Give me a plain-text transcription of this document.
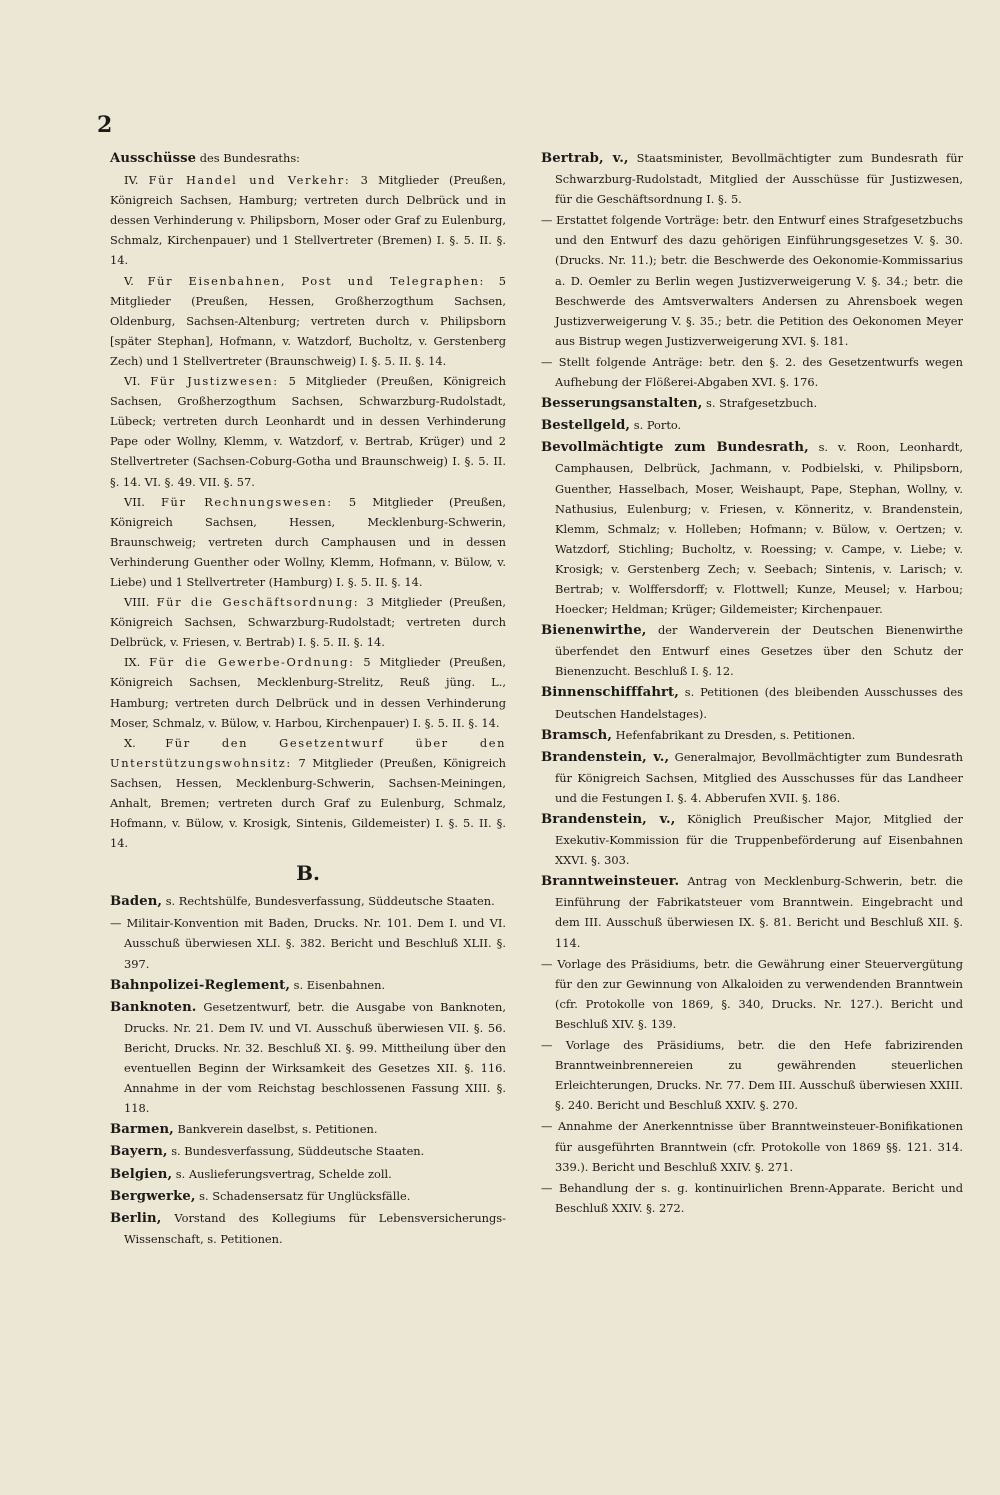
2

Ausschüsse des Bundesraths:

IV. Für Handel und Verkehr: 3 Mitglieder (Preußen, Königreich Sachsen, Hamburg; vertreten durch Delbrück und in dessen Verhinderung v. Philipsborn, Moser oder Graf zu Eulenburg, Schmalz, Kirchenpauer) und 1 Stellvertreter (Bremen) I. §. 5. II. §. 14.

V. Für Eisenbahnen, Post und Telegraphen: 5 Mitglieder (Preußen, Hessen, Großherzogthum Sachsen, Oldenburg, Sachsen-Altenburg; vertreten durch v. Philipsborn [später Stephan], Hofmann, v. Watzdorf, Bucholtz, v. Gerstenberg Zech) und 1 Stellvertreter (Braunschweig) I. §. 5. II. §. 14.

VI. Für Justizwesen: 5 Mitglieder (Preußen, Königreich Sachsen, Großherzogthum Sachsen, Schwarzburg-Rudolstadt, Lübeck; vertreten durch Leonhardt und in dessen Verhinderung Pape oder Wollny, Klemm, v. Watzdorf, v. Bertrab, Krüger) und 2 Stellvertreter (Sachsen-Coburg-Gotha und Braunschweig) I. §. 5. II. §. 14. VI. §. 49. VII. §. 57.

VII. Für Rechnungswesen: 5 Mitglieder (Preußen, Königreich Sachsen, Hessen, Mecklenburg-Schwerin, Braunschweig; vertreten durch Camphausen und in dessen Verhinderung Guenther oder Wollny, Klemm, Hofmann, v. Bülow, v. Liebe) und 1 Stellvertreter (Hamburg) I. §. 5. II. §. 14.

VIII. Für die Geschäftsordnung: 3 Mitglieder (Preußen, Königreich Sachsen, Schwarzburg-Rudolstadt; vertreten durch Delbrück, v. Friesen, v. Bertrab) I. §. 5. II. §. 14.

IX. Für die Gewerbe-Ordnung: 5 Mitglieder (Preußen, Königreich Sachsen, Mecklenburg-Strelitz, Reuß jüng. L., Hamburg; vertreten durch Delbrück und in dessen Verhinderung Moser, Schmalz, v. Bülow, v. Harbou, Kirchenpauer) I. §. 5. II. §. 14.

X.	Für den Gesetzentwurf über den Unterstützungswohnsitz: 7 Mitglieder (Preußen, Königreich Sachsen, Hessen, Mecklenburg-Schwerin, Sachsen-Meiningen, Anhalt, Bremen; vertreten durch Graf zu Eulenburg, Schmalz, Hofmann, v. Bülow, v. Krosigk, Sintenis, Gildemeister) I. §. 5. II. §. 14.

B.

Baden, s. Rechtshülfe, Bundesverfassung, Süddeutsche Staaten.

— Militair-Konvention mit Baden, Drucks. Nr. 101. Dem I. und VI. Ausschuß überwiesen XLI. §. 382. Bericht und Beschluß XLII. §. 397.

Bahnpolizei-Reglement, s. Eisenbahnen.

Banknoten. Gesetzentwurf, betr. die Ausgabe von Banknoten, Drucks. Nr. 21. Dem IV. und VI. Ausschuß überwiesen VII. §. 56. Bericht, Drucks. Nr. 32. Beschluß XI. §. 99. Mittheilung über den eventuellen Beginn der Wirksamkeit des Gesetzes XII. §. 116. Annahme in der vom Reichstag beschlossenen Fassung XIII. §. 118.

Barmen, Bankverein daselbst, s. Petitionen.

Bayern, s. Bundesverfassung, Süddeutsche Staaten.

Belgien, s. Auslieferungsvertrag, Schelde zoll.

Bergwerke, s. Schadensersatz für Unglücksfälle.

Berlin, Vorstand des Kollegiums für Lebensversicherungs-Wissenschaft, s. Petitionen.

Bertrab, v., Staatsminister, Bevollmächtigter zum Bundesrath für Schwarzburg-Rudolstadt, Mitglied der Ausschüsse für Justizwesen, für die Geschäftsordnung I. §. 5.

— Erstattet folgende Vorträge: betr. den Entwurf eines Strafgesetzbuchs und den Entwurf des dazu gehörigen Einführungsgesetzes V. §. 30. (Drucks. Nr. 11.); betr. die Beschwerde des Oekonomie-Kommissarius a. D. Oemler zu Berlin wegen Justizverweigerung V. §. 34.; betr. die Beschwerde des Amtsverwalters Andersen zu Ahrensboek wegen Justizverweigerung V. §. 35.; betr. die Petition des Oekonomen Meyer aus Bistrup wegen Justizverweigerung XVI. §. 181.

— Stellt folgende Anträge: betr. den §. 2. des Gesetzentwurfs wegen Aufhebung der Flößerei-Abgaben XVI. §. 176.

Besserungsanstalten, s. Strafgesetzbuch.

Bestellgeld, s. Porto.

Bevollmächtigte zum Bundesrath, s. v. Roon, Leonhardt, Camphausen, Delbrück, Jachmann, v. Podbielski, v. Philipsborn, Guenther, Hasselbach, Moser, Weishaupt, Pape, Stephan, Wollny, v. Nathusius, Eulenburg; v. Friesen, v. Könneritz, v. Brandenstein, Klemm, Schmalz; v. Holleben; Hofmann; v. Bülow, v. Oertzen; v. Watzdorf, Stichling; Bucholtz, v. Roessing; v. Campe, v. Liebe; v. Krosigk; v. Gerstenberg Zech; v. Seebach; Sintenis, v. Larisch; v. Bertrab; v. Wolffersdorff; v. Flottwell; Kunze, Meusel; v. Harbou; Hoecker; Heldman; Krüger; Gildemeister; Kirchenpauer.

Bienenwirthe, der Wanderverein der Deutschen Bienenwirthe überfendet den Entwurf eines Gesetzes über den Schutz der Bienenzucht. Beschluß I. §. 12.

Binnenschifffahrt, s. Petitionen (des bleibenden Ausschusses des Deutschen Handelstages).

Bramsch, Hefenfabrikant zu Dresden, s. Petitionen.

Brandenstein, v., Generalmajor, Bevollmächtigter zum Bundesrath für Königreich Sachsen, Mitglied des Ausschusses für das Landheer und die Festungen I. §. 4. Abberufen XVII. §. 186.

Brandenstein, v., Königlich Preußischer Major, Mitglied der Exekutiv-Kommission für die Truppenbeförderung auf Eisenbahnen XXVI. §. 303.

Branntweinsteuer. Antrag von Mecklenburg-Schwerin, betr. die Einführung der Fabrikatsteuer vom Branntwein. Eingebracht und dem III. Ausschuß überwiesen IX. §. 81. Bericht und Beschluß XII. §. 114.

— Vorlage des Präsidiums, betr. die Gewährung einer Steuervergütung für den zur Gewinnung von Alkaloiden zu verwendenden Branntwein (cfr. Protokolle von 1869, §. 340, Drucks. Nr. 127.). Bericht und Beschluß XIV. §. 139.

— Vorlage des Präsidiums, betr. die den Hefe fabrizirenden Branntweinbrennereien zu gewährenden steuerlichen Erleichterungen, Drucks. Nr. 77. Dem III. Ausschuß überwiesen XXIII. §. 240. Bericht und Beschluß XXIV. §. 270.

— Annahme der Anerkenntnisse über Branntweinsteuer-Bonifikationen für ausgeführten Branntwein (cfr. Protokolle von 1869 §§. 121. 314. 339.). Bericht und Beschluß XXIV. §. 271.

— Behandlung der s. g. kontinuirlichen Brenn-Apparate. Bericht und Beschluß XXIV. §. 272.
